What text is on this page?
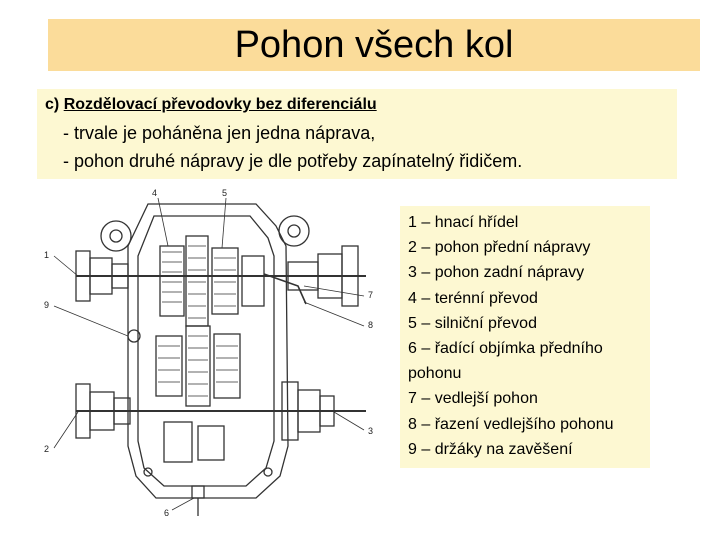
Pohon všech kol
c) Rozdělovací převodovky bez diferenciálu
- trvale je poháněna jen jedna náprava,
- pohon druhé nápravy je dle potřeby zapínatelný řidičem.
4	5
1
7
8
9
2
3
6
1 – hnací hřídel
2 – pohon přední nápravy
3 – pohon zadní nápravy
4 – terénní převod
5 – silniční převod
6 – řadící objímka předního pohonu
7 – vedlejší pohon
8 – řazení vedlejšího pohonu
9 – držáky na zavěšení
